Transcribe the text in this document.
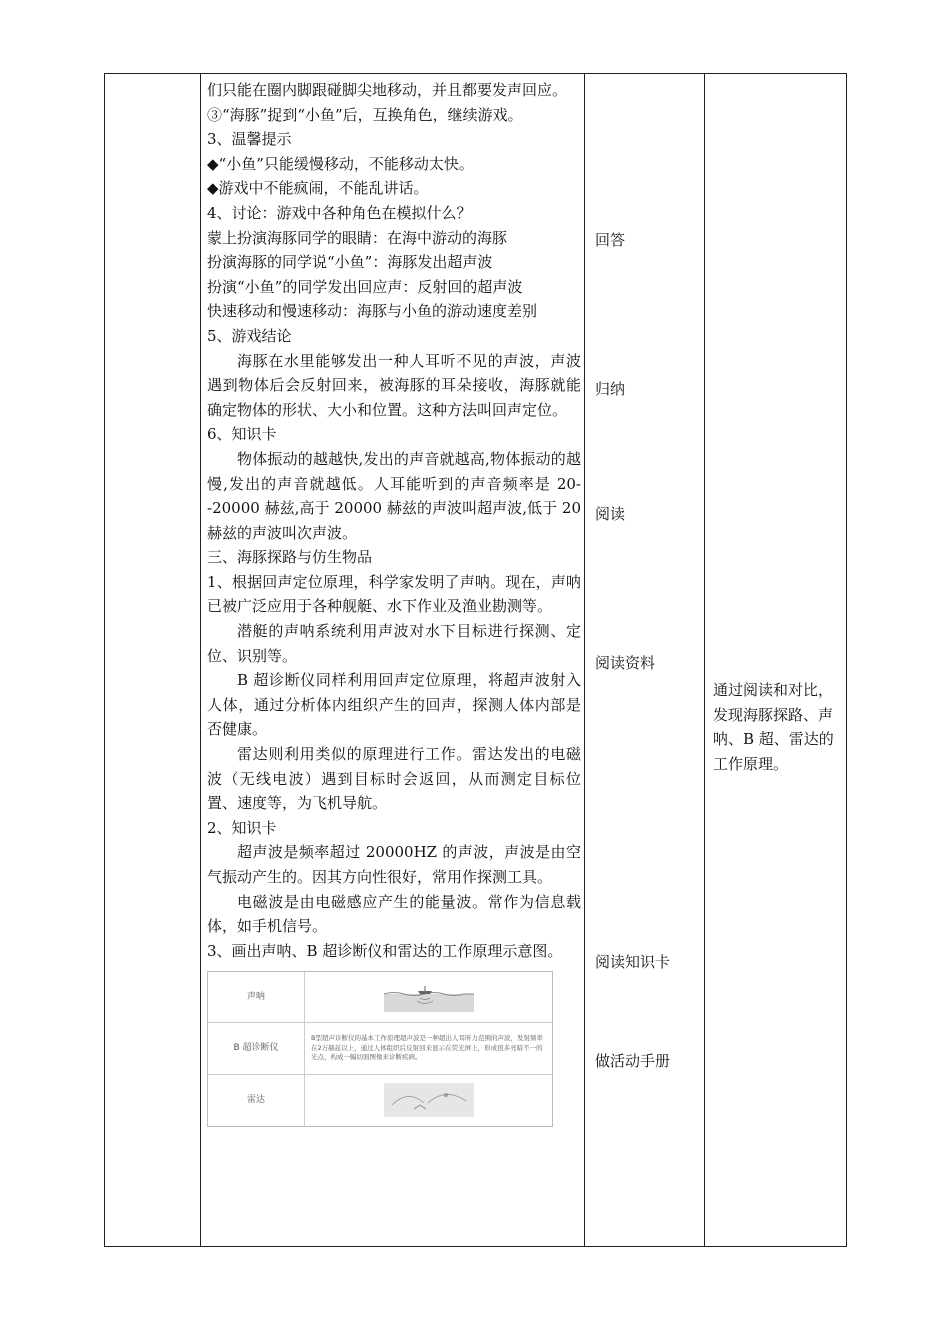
们只能在圈内脚跟碰脚尖地移动，并且都要发声回应。

③“海豚”捉到“小鱼”后，互换角色，继续游戏。

3、温馨提示

◆“小鱼”只能缓慢移动，不能移动太快。

◆游戏中不能疯闹，不能乱讲话。

4、讨论：游戏中各种角色在模拟什么？

蒙上扮演海豚同学的眼睛：在海中游动的海豚

扮演海豚的同学说“小鱼”：海豚发出超声波

扮演“小鱼”的同学发出回应声：反射回的超声波

快速移动和慢速移动：海豚与小鱼的游动速度差别

5、游戏结论

海豚在水里能够发出一种人耳听不见的声波，声波遇到物体后会反射回来，被海豚的耳朵接收，海豚就能确定物体的形状、大小和位置。这种方法叫回声定位。

6、知识卡

物体振动的越越快,发出的声音就越高,物体振动的越慢,发出的声音就越低。人耳能听到的声音频率是 20--20000 赫兹,高于 20000 赫兹的声波叫超声波,低于 20 赫兹的声波叫次声波。

三、海豚探路与仿生物品

1、根据回声定位原理，科学家发明了声呐。现在，声呐已被广泛应用于各种舰艇、水下作业及渔业勘测等。

潜艇的声呐系统利用声波对水下目标进行探测、定位、识别等。

B 超诊断仪同样利用回声定位原理，将超声波射入人体，通过分析体内组织产生的回声，探测人体内部是否健康。

雷达则利用类似的原理进行工作。雷达发出的电磁波（无线电波）遇到目标时会返回，从而测定目标位置、速度等，为飞机导航。

2、知识卡

超声波是频率超过 20000HZ 的声波，声波是由空气振动产生的。因其方向性很好，常用作探测工具。

电磁波是由电磁感应产生的能量波。常作为信息载体，如手机信号。

3、画出声呐、B 超诊断仪和雷达的工作原理示意图。

声呐
B 超诊断仪
B型超声诊断仪的基本工作原理超声波是一种超出人耳听力范围的声波，发射频率在2万赫兹以上，通过人体组织后反射回来显示在荧光屏上，形成很多亮暗不一的光点，构成一幅切面图像来诊断疾病。
雷达
回答
归纳
阅读
阅读资料
阅读知识卡
做活动手册
通过阅读和对比，发现海豚探路、声呐、B 超、雷达的工作原理。
